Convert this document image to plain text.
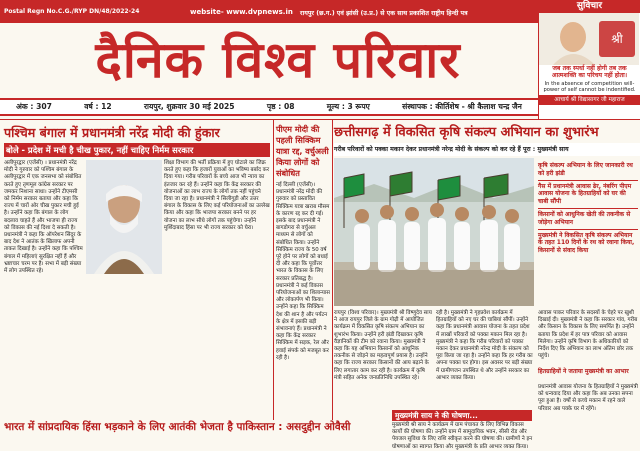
Postal Regn No.C.G./RYP DN/48/2022-24	website- www.dvpnews.in रायपुर (छ.ग.) एवं झांसी (उ.प्र.) से एक साथ प्रकाशित राष्ट्रीय हिन्दी पत्र
दैनिक विश्व परिवार
सुविचार
श्री
जब तक स्पर्धा नहीं होगी तब तक आत्मशक्ति का परिचय नहीं होता।
In the absence of competition will-power of self cannot be indentified.
आचार्य श्री विद्यासागर जी महाराज
अंक : 307	वर्ष : 12	रायपुर, शुक्रवार 30 मई 2025	पृष्ठ : 08	मूल्य : 3 रूपए	संस्थापक : कीर्तिशेष - श्री कैलाश चन्द्र जैन
पश्चिम बंगाल में प्रधानमंत्री नरेंद्र मोदी की हुंकार
बोले - प्रदेश में मची है चीख पुकार, नहीं चाहिए निर्मम सरकार
अलीपुरद्वार (एजेंसी) । प्रधानमंत्री नरेंद्र मोदी ने गुरुवार को पश्चिम बंगाल के अलीपुरद्वार में एक जनसभा को संबोधित करते हुए तृणमूल कांग्रेस सरकार पर जमकर निशाना साधा। उन्होंने टीएमसी को निर्मम सरकार बताया और कहा कि राज्य में चारों ओर चीख पुकार मची हुई है। उन्होंने कहा कि बंगाल के लोग बदलाव चाहते हैं और भाजपा ही राज्य को विकास की नई दिशा दे सकती है। प्रधानमंत्री ने कहा कि ऑपरेशन सिंदूर के बाद देश ने आतंक के खिलाफ अपनी ताकत दिखाई है। उन्होंने कहा कि पश्चिम बंगाल में महिलाएं सुरक्षित नहीं हैं और भ्रष्टाचार चरम पर है। सभा में बड़ी संख्या में लोग उपस्थित रहे।
शिक्षा विभाग की भर्ती प्रक्रिया में हुए घोटाले का जिक्र करते हुए कहा कि हजारों युवाओं का भविष्य बर्बाद कर दिया गया। गरीब परिवारों के बच्चे आज भी न्याय का इंतजार कर रहे हैं। उन्होंने कहा कि केंद्र सरकार की योजनाओं का लाभ राज्य के लोगों तक नहीं पहुंचने दिया जा रहा है। प्रधानमंत्री ने सिलीगुड़ी और उत्तर बंगाल के विकास के लिए कई परियोजनाओं का उल्लेख किया और कहा कि भाजपा सरकार बनने पर हर योजना का लाभ सीधे लोगों तक पहुंचेगा। उन्होंने मुर्शिदाबाद हिंसा पर भी राज्य सरकार को घेरा।
भारत में सांप्रदायिक हिंसा भड़काने के लिए आतंकी भेजता है पाकिस्तान : असदुद्दीन ओवैसी
पीएम मोदी की पहली सिक्किम यात्रा रद्द, वर्चुअली किया लोगों को संबोधित
नई दिल्ली (एजेंसी)। प्रधानमंत्री नरेंद्र मोदी की गुरुवार को प्रस्तावित सिक्किम यात्रा खराब मौसम के कारण रद्द कर दी गई। इसके बाद प्रधानमंत्री ने बागडोगरा से वर्चुअल माध्यम से लोगों को संबोधित किया। उन्होंने सिक्किम राज्य के 50 वर्ष पूरे होने पर लोगों को बधाई दी और कहा कि पूर्वोत्तर भारत के विकास के लिए सरकार प्रतिबद्ध है। प्रधानमंत्री ने कई विकास परियोजनाओं का शिलान्यास और लोकार्पण भी किया। उन्होंने कहा कि सिक्किम देश की शान है और पर्यटन के क्षेत्र में इसकी बड़ी संभावनाएं हैं। प्रधानमंत्री ने कहा कि केंद्र सरकार सिक्किम में सड़क, रेल और हवाई संपर्क को मजबूत कर रही है।
छत्तीसगढ़ में विकसित कृषि संकल्प अभियान का शुभारंभ
गरीब परिवारों को पक्का मकान देकर प्रधानमंत्री नरेन्द्र मोदी के संकल्प को कर रहे हैं पूरा : मुख्यमंत्री साय
कृषि संकल्प अभियान के लिए जानकारी रथ को हरी झंडी
गैस में प्रधानमंत्री आवास ढेर, नंबरिंग पीएम आवास योजना के हितग्राहियों को घर की चाबी सौंपी
किसानों को आधुनिक खेती की तकनीक से जोड़ेगा अभियान
मुख्यमंत्री ने विकसित कृषि संकल्प अभियान के तहत 110 दिनों के रथ को रवाना किया, किसानों से संवाद किया
रायपुर (विश्व परिवार)। मुख्यमंत्री श्री विष्णुदेव साय ने आज रायपुर जिले के ग्राम गोढ़ी में आयोजित कार्यक्रम में विकसित कृषि संकल्प अभियान का शुभारंभ किया। उन्होंने हरी झंडी दिखाकर कृषि वैज्ञानिकों की टीम को रवाना किया। मुख्यमंत्री ने कहा कि यह अभियान किसानों को आधुनिक तकनीक से जोड़ने का महत्वपूर्ण प्रयास है। उन्होंने कहा कि राज्य सरकार किसानों की आय बढ़ाने के लिए लगातार काम कर रही है। कार्यक्रम में कृषि मंत्री सहित अनेक जनप्रतिनिधि उपस्थित रहे।
रही है। मुख्यमंत्री ने गृहप्रवेश कार्यक्रम में हितग्राहियों को नए घर की चाबियां सौंपीं। उन्होंने कहा कि प्रधानमंत्री आवास योजना के तहत प्रदेश में लाखों परिवारों को पक्का मकान मिल रहा है। मुख्यमंत्री ने कहा कि गरीब परिवारों को पक्का मकान देकर प्रधानमंत्री नरेन्द्र मोदी के संकल्प को पूरा किया जा रहा है। उन्होंने कहा कि हर गरीब का अपना पक्का घर होगा। इस अवसर पर बड़ी संख्या में ग्रामीणजन उपस्थित थे और उन्होंने सरकार का आभार व्यक्त किया।
आवास पाकर परिवार के सदस्यों के चेहरे पर खुशी दिखाई दी। मुख्यमंत्री ने कहा कि सरकार गांव, गरीब और किसान के विकास के लिए समर्पित है। उन्होंने बताया कि प्रदेश में हर पात्र परिवार को आवास मिलेगा। उन्होंने कृषि विभाग के अधिकारियों को निर्देश दिए कि अभियान का लाभ अंतिम छोर तक पहुंचे।
हितग्राहियों ने जताया मुख्यमंत्री का आभार
प्रधानमंत्री आवास योजना के हितग्राहियों ने मुख्यमंत्री को धन्यवाद दिया और कहा कि अब उनका सपना पूरा हुआ है। वर्षों से कच्चे मकान में रहने वाले परिवार अब पक्के घर में रहेंगे।
मुख्यमंत्री साय ने की घोषणा...
मुख्यमंत्री श्री साय ने कार्यक्रम में ग्राम पंचायत के लिए विभिन्न विकास कार्यों की घोषणा की। उन्होंने ग्राम में सामुदायिक भवन, सीसी रोड और पेयजल सुविधा के लिए राशि स्वीकृत करने की घोषणा की। ग्रामीणों ने इन घोषणाओं का स्वागत किया और मुख्यमंत्री के प्रति आभार व्यक्त किया।
